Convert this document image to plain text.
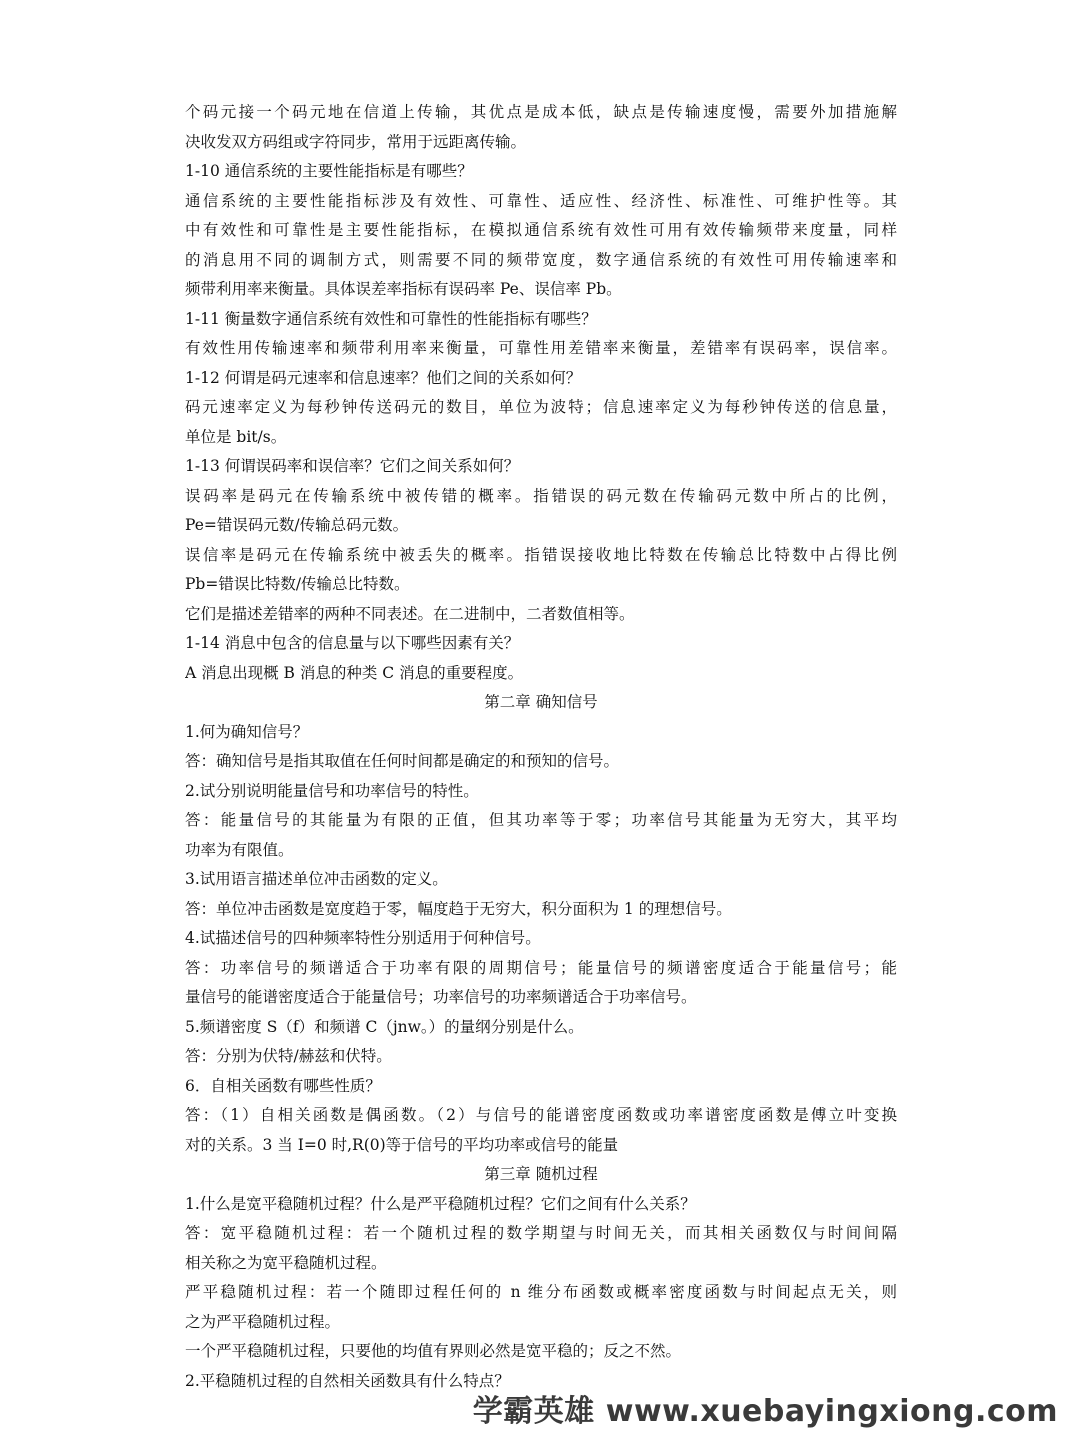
个码元接一个码元地在信道上传输，其优点是成本低，缺点是传输速度慢，需要外加措施解
决收发双方码组或字符同步，常用于远距离传输。
1-10 通信系统的主要性能指标是有哪些？
通信系统的主要性能指标涉及有效性、可靠性、适应性、经济性、标准性、可维护性等。其
中有效性和可靠性是主要性能指标，在模拟通信系统有效性可用有效传输频带来度量，同样
的消息用不同的调制方式，则需要不同的频带宽度，数字通信系统的有效性可用传输速率和
频带利用率来衡量。具体误差率指标有误码率 Pe、误信率 Pb。
1-11 衡量数字通信系统有效性和可靠性的性能指标有哪些？
有效性用传输速率和频带利用率来衡量，可靠性用差错率来衡量，差错率有误码率，误信率。
1-12 何谓是码元速率和信息速率？他们之间的关系如何？
码元速率定义为每秒钟传送码元的数目，单位为波特；信息速率定义为每秒钟传送的信息量，
单位是 bit/s。
1-13 何谓误码率和误信率？它们之间关系如何？
误码率是码元在传输系统中被传错的概率。指错误的码元数在传输码元数中所占的比例，
Pe=错误码元数/传输总码元数。
误信率是码元在传输系统中被丢失的概率。指错误接收地比特数在传输总比特数中占得比例
Pb=错误比特数/传输总比特数。
它们是描述差错率的两种不同表述。在二进制中，二者数值相等。
1-14 消息中包含的信息量与以下哪些因素有关？
A 消息出现概 B 消息的种类 C 消息的重要程度。
第二章 确知信号
1.何为确知信号？
答：确知信号是指其取值在任何时间都是确定的和预知的信号。
2.试分别说明能量信号和功率信号的特性。
答：能量信号的其能量为有限的正值，但其功率等于零；功率信号其能量为无穷大，其平均
功率为有限值。
3.试用语言描述单位冲击函数的定义。
答：单位冲击函数是宽度趋于零，幅度趋于无穷大，积分面积为 1 的理想信号。
4.试描述信号的四种频率特性分别适用于何种信号。
答：功率信号的频谱适合于功率有限的周期信号；能量信号的频谱密度适合于能量信号；能
量信号的能谱密度适合于能量信号；功率信号的功率频谱适合于功率信号。
5.频谱密度 S（f）和频谱 C（jnw。）的量纲分别是什么。
答：分别为伏特/赫兹和伏特。
6．自相关函数有哪些性质？
答：（1）自相关函数是偶函数。（2）与信号的能谱密度函数或功率谱密度函数是傅立叶变换
对的关系。3 当 I=0 时,R(0)等于信号的平均功率或信号的能量
第三章 随机过程
1.什么是宽平稳随机过程？什么是严平稳随机过程？它们之间有什么关系？
答：宽平稳随机过程：若一个随机过程的数学期望与时间无关，而其相关函数仅与时间间隔
相关称之为宽平稳随机过程。
严平稳随机过程：若一个随即过程任何的 n 维分布函数或概率密度函数与时间起点无关，则
之为严平稳随机过程。
一个严平稳随机过程，只要他的均值有界则必然是宽平稳的；反之不然。
2.平稳随机过程的自然相关函数具有什么特点？
学霸英雄 www.xuebayingxiong.com
